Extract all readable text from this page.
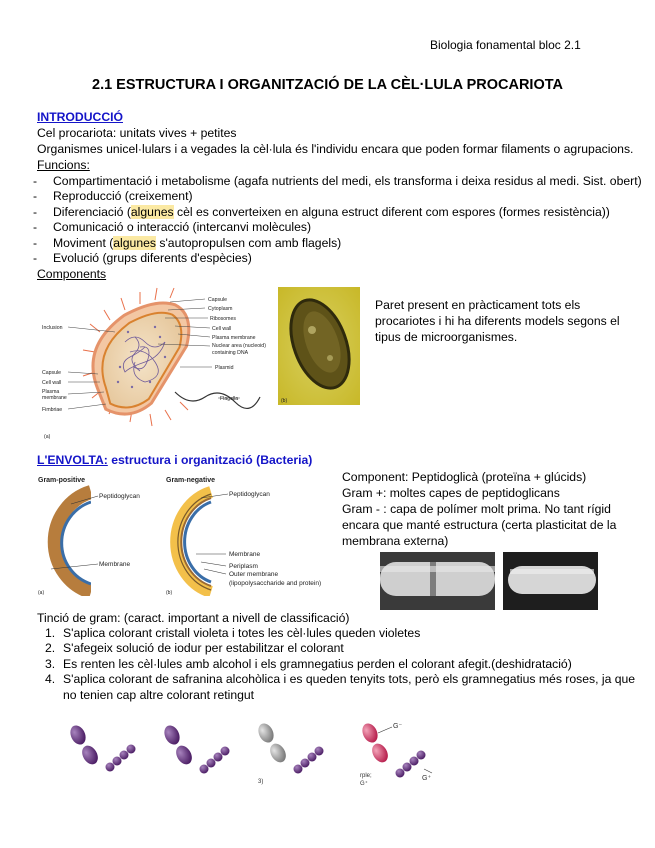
Biologia fonamental bloc 2.1
2.1 ESTRUCTURA I ORGANITZACIÓ DE LA CÈL·LULA PROCARIOTA
INTRODUCCIÓ
Cel procariota: unitats vives + petites
Organismes unicel·lulars i a vegades la cèl·lula és l'individu encara que poden formar filaments o agrupacions.
Funcions:
- Compartimentació i metabolisme (agafa nutrients del medi, els transforma i deixa residus al medi. Sist. obert)
- Reproducció (creixement)
- Diferenciació (algunes cèl es converteixen en alguna estruct diferent com espores (formes resistència))
- Comunicació o interacció (intercanvi molècules)
- Moviment (algunes s'autopropulsen com amb flagels)
- Evolució (grups diferents d'espècies)
Components
Capsule
Cytoplasm
Ribosomes
Cell wall
Plasma membrane
Nuclear area (nucleoid)
containing DNA
Plasmid
Flagella
Inclusion
Capsule
Cell wall
Plasma
membrane
Fimbriae
(a)
(b)
Paret present en pràcticament tots els
procariotes i hi ha diferents models segons el
tipus de microorganismes.
L'ENVOLTA: estructura i organització (Bacteria)
Gram-positive	Gram-negative
Peptidoglycan
Membrane
(a)
Peptidoglycan
Membrane
Periplasm
Outer membrane
(lipopolysaccharide and protein)
(b)
Component: Peptidoglicà (proteïna + glúcids)
Gram +: moltes capes de peptidoglicans
Gram - : capa de polímer molt prima. No tant rígid
encara que manté estructura (certa plasticitat de la
membrana externa)
Tinció de gram: (caract. important a nivell de classificació)
1. S'aplica colorant cristall violeta i totes les cèl·lules queden violetes
2. S'afegeix solució de iodur per estabilitzar el colorant
3. Es renten les cèl·lules amb alcohol i els gramnegatius perden el colorant afegit.(deshidratació)
4. S'aplica colorant de safranina alcohòlica i es queden tenyits tots, però els gramnegatius més roses, ja que
no tenien cap altre colorant retingut
3)
G⁻
G⁺
rple;
G⁺
